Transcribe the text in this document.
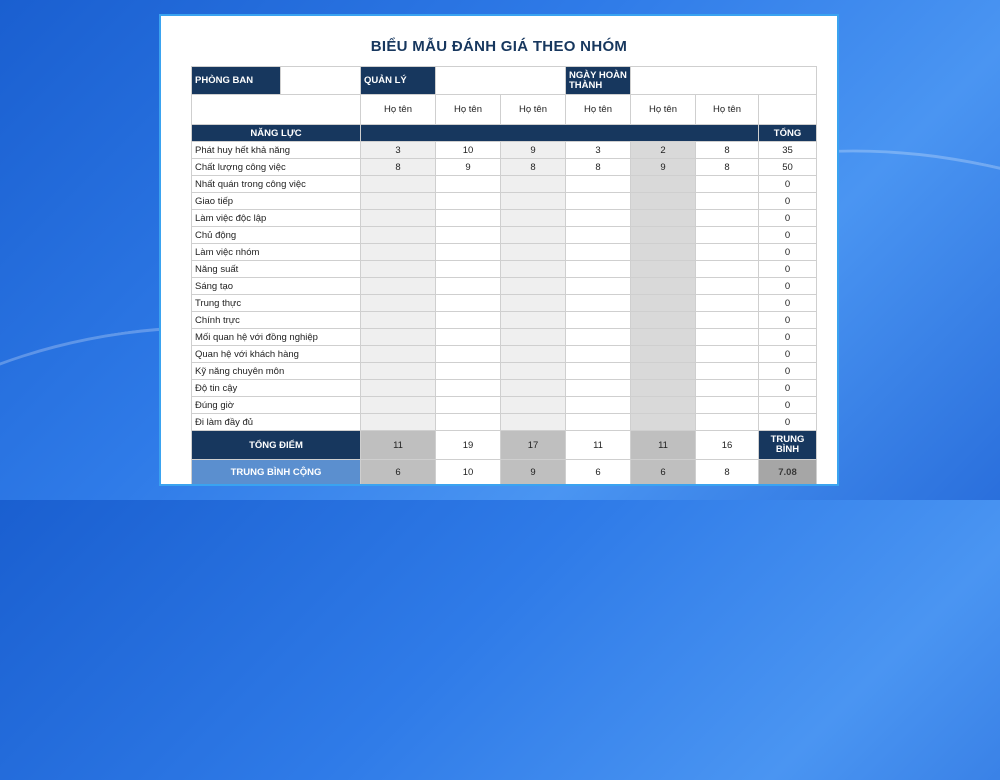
BIỂU MẪU ĐÁNH GIÁ THEO NHÓM
PHÒNG BAN		QUẢN LÝ			NGÀY HOÀN THÀNH			
		Họ tên	Họ tên	Họ tên	Họ tên	Họ tên	Họ tên	
NĂNG LỰC								TỔNG
Phát huy hết khả năng		3	10	9	3	2	8	35
Chất lượng công việc		8	9	8	8	9	8	50
Nhất quán trong công việc								0
Giao tiếp								0
Làm việc độc lập								0
Chủ động								0
Làm việc nhóm								0
Năng suất								0
Sáng tạo								0
Trung thực								0
Chính trực								0
Mối quan hệ với đồng nghiệp								0
Quan hệ với khách hàng								0
Kỹ năng chuyên môn								0
Độ tin cậy								0
Đúng giờ								0
Đi làm đầy đủ								0
TỔNG ĐIỂM		11	19	17	11	11	16	TRUNG BÌNH
TRUNG BÌNH CỘNG		6	10	9	6	6	8	7.08
